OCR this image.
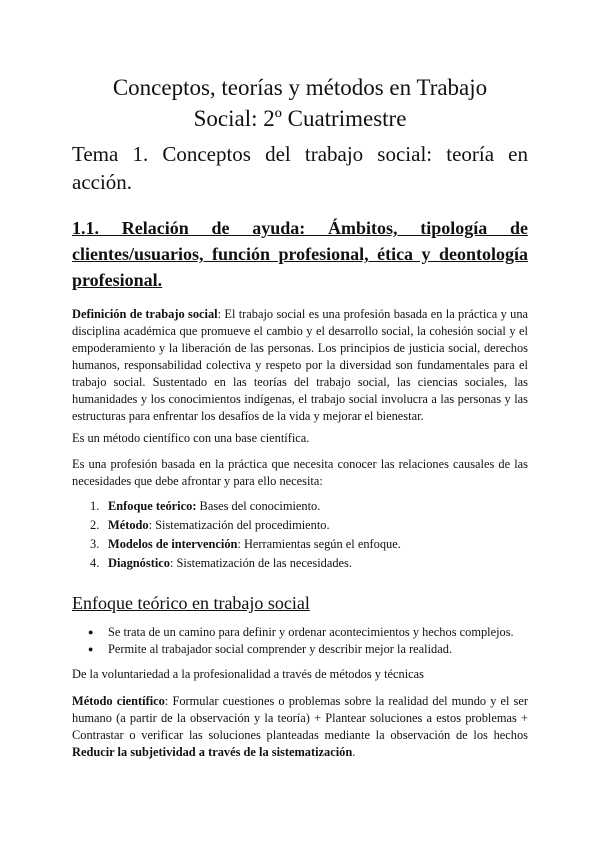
Conceptos, teorías y métodos en Trabajo
Social: 2º Cuatrimestre
Tema 1. Conceptos del trabajo social: teoría en acción.
1.1. Relación de ayuda: Ámbitos, tipología de clientes/usuarios, función profesional, ética y deontología profesional.

Definición de trabajo social: El trabajo social es una profesión basada en la práctica y una disciplina académica que promueve el cambio y el desarrollo social, la cohesión social y el empoderamiento y la liberación de las personas. Los principios de justicia social, derechos humanos, responsabilidad colectiva y respeto por la diversidad son fundamentales para el trabajo social. Sustentado en las teorías del trabajo social, las ciencias sociales, las humanidades y los conocimientos indígenas, el trabajo social involucra a las personas y las estructuras para enfrentar los desafíos de la vida y mejorar el bienestar.

Es un método científico con una base científica.

Es una profesión basada en la práctica que necesita conocer las relaciones causales de las necesidades que debe afrontar y para ello necesita:

1. Enfoque teórico: Bases del conocimiento.
2. Método: Sistematización del procedimiento.
3. Modelos de intervención: Herramientas según el enfoque.
4. Diagnóstico: Sistematización de las necesidades.
Enfoque teórico en trabajo social
● Se trata de un camino para definir y ordenar acontecimientos y hechos complejos.
● Permite al trabajador social comprender y describir mejor la realidad.

De la voluntariedad a la profesionalidad a través de métodos y técnicas

Método científico: Formular cuestiones o problemas sobre la realidad del mundo y el ser humano (a partir de la observación y la teoría) + Plantear soluciones a estos problemas + Contrastar o verificar las soluciones planteadas mediante la observación de los hechos Reducir la subjetividad a través de la sistematización.
